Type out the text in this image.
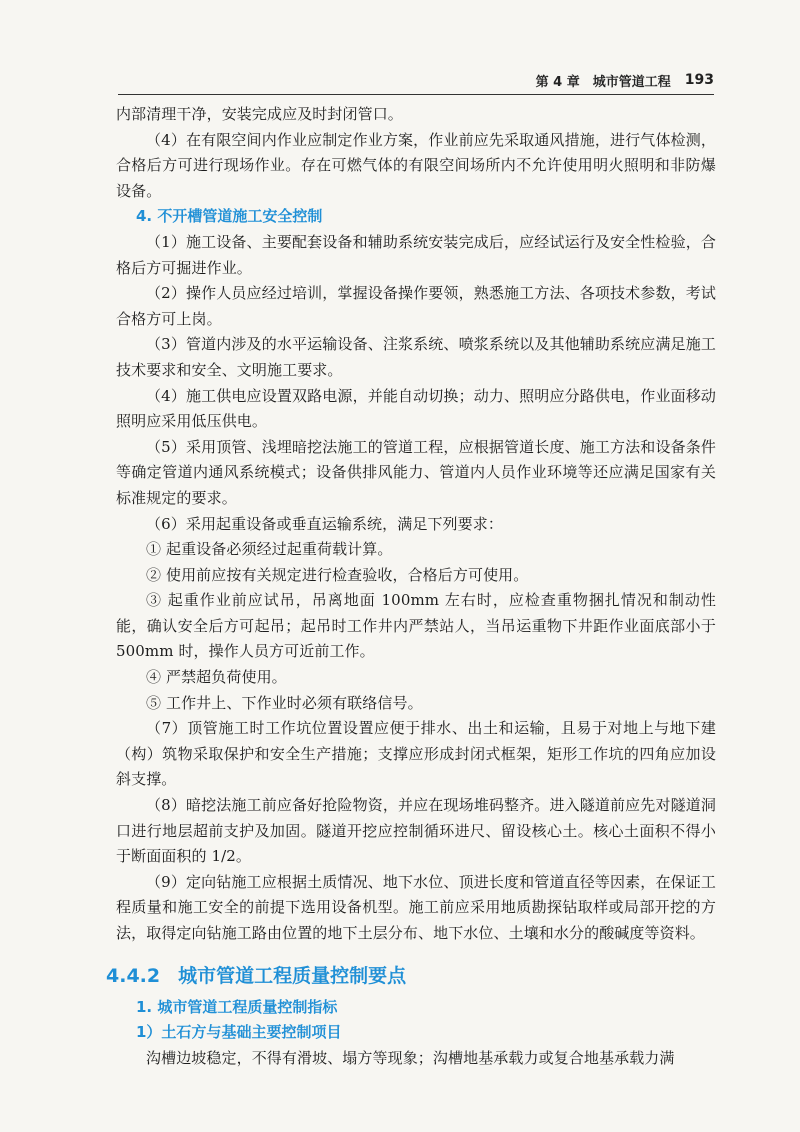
第 4 章　城市管道工程 193

内部清理干净，安装完成应及时封闭管口。

（4）在有限空间内作业应制定作业方案，作业前应先采取通风措施，进行气体检测，合格后方可进行现场作业。存在可燃气体的有限空间场所内不允许使用明火照明和非防爆设备。

4. 不开槽管道施工安全控制

（1）施工设备、主要配套设备和辅助系统安装完成后，应经试运行及安全性检验，合格后方可掘进作业。

（2）操作人员应经过培训，掌握设备操作要领，熟悉施工方法、各项技术参数，考试合格方可上岗。

（3）管道内涉及的水平运输设备、注浆系统、喷浆系统以及其他辅助系统应满足施工技术要求和安全、文明施工要求。

（4）施工供电应设置双路电源，并能自动切换；动力、照明应分路供电，作业面移动照明应采用低压供电。

（5）采用顶管、浅埋暗挖法施工的管道工程，应根据管道长度、施工方法和设备条件等确定管道内通风系统模式；设备供排风能力、管道内人员作业环境等还应满足国家有关标准规定的要求。

（6）采用起重设备或垂直运输系统，满足下列要求：

① 起重设备必须经过起重荷载计算。

② 使用前应按有关规定进行检查验收，合格后方可使用。

③ 起重作业前应试吊，吊离地面 100mm 左右时，应检查重物捆扎情况和制动性能，确认安全后方可起吊；起吊时工作井内严禁站人，当吊运重物下井距作业面底部小于 500mm 时，操作人员方可近前工作。

④ 严禁超负荷使用。

⑤ 工作井上、下作业时必须有联络信号。

（7）顶管施工时工作坑位置设置应便于排水、出土和运输，且易于对地上与地下建（构）筑物采取保护和安全生产措施；支撑应形成封闭式框架，矩形工作坑的四角应加设斜支撑。

（8）暗挖法施工前应备好抢险物资，并应在现场堆码整齐。进入隧道前应先对隧道洞口进行地层超前支护及加固。隧道开挖应控制循环进尺、留设核心土。核心土面积不得小于断面面积的 1/2。

（9）定向钻施工应根据土质情况、地下水位、顶进长度和管道直径等因素，在保证工程质量和施工安全的前提下选用设备机型。施工前应采用地质勘探钻取样或局部开挖的方法，取得定向钻施工路由位置的地下土层分布、地下水位、土壤和水分的酸碱度等资料。

4.4.2 城市管道工程质量控制要点

1. 城市管道工程质量控制指标

1）土石方与基础主要控制项目

沟槽边坡稳定，不得有滑坡、塌方等现象；沟槽地基承载力或复合地基承载力满
